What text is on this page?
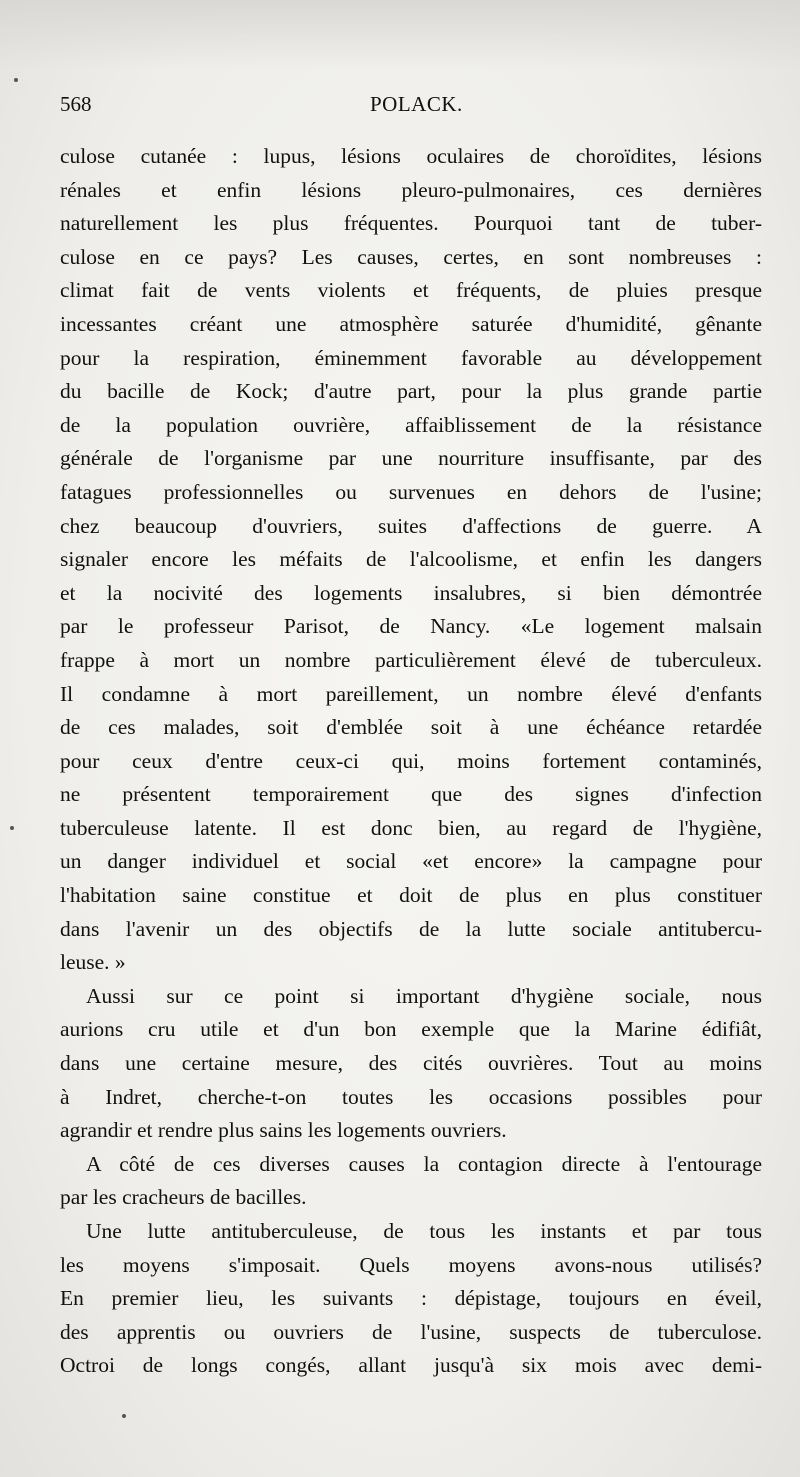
568	POLACK.
culose cutanée : lupus, lésions oculaires de choroïdites, lésions
rénales et enfin lésions pleuro-pulmonaires, ces dernières
naturellement les plus fréquentes. Pourquoi tant de tuber-
culose en ce pays? Les causes, certes, en sont nombreuses :
climat fait de vents violents et fréquents, de pluies presque
incessantes créant une atmosphère saturée d'humidité, gênante
pour la respiration, éminemment favorable au développement
du bacille de Kock; d'autre part, pour la plus grande partie
de la population ouvrière, affaiblissement de la résistance
générale de l'organisme par une nourriture insuffisante, par des
fatagues professionnelles ou survenues en dehors de l'usine;
chez beaucoup d'ouvriers, suites d'affections de guerre. A
signaler encore les méfaits de l'alcoolisme, et enfin les dangers
et la nocivité des logements insalubres, si bien démontrée
par le professeur Parisot, de Nancy. «Le logement malsain
frappe à mort un nombre particulièrement élevé de tuberculeux.
Il condamne à mort pareillement, un nombre élevé d'enfants
de ces malades, soit d'emblée soit à une échéance retardée
pour ceux d'entre ceux-ci qui, moins fortement contaminés,
ne présentent temporairement que des signes d'infection
tuberculeuse latente. Il est donc bien, au regard de l'hygiène,
un danger individuel et social «et encore» la campagne pour
l'habitation saine constitue et doit de plus en plus constituer
dans l'avenir un des objectifs de la lutte sociale antitubercu-
leuse. »
Aussi sur ce point si important d'hygiène sociale, nous
aurions cru utile et d'un bon exemple que la Marine édifiât,
dans une certaine mesure, des cités ouvrières. Tout au moins
à Indret, cherche-t-on toutes les occasions possibles pour
agrandir et rendre plus sains les logements ouvriers.
A côté de ces diverses causes la contagion directe à l'entourage
par les cracheurs de bacilles.
Une lutte antituberculeuse, de tous les instants et par tous
les moyens s'imposait. Quels moyens avons-nous utilisés?
En premier lieu, les suivants : dépistage, toujours en éveil,
des apprentis ou ouvriers de l'usine, suspects de tuberculose.
Octroi de longs congés, allant jusqu'à six mois avec demi-
